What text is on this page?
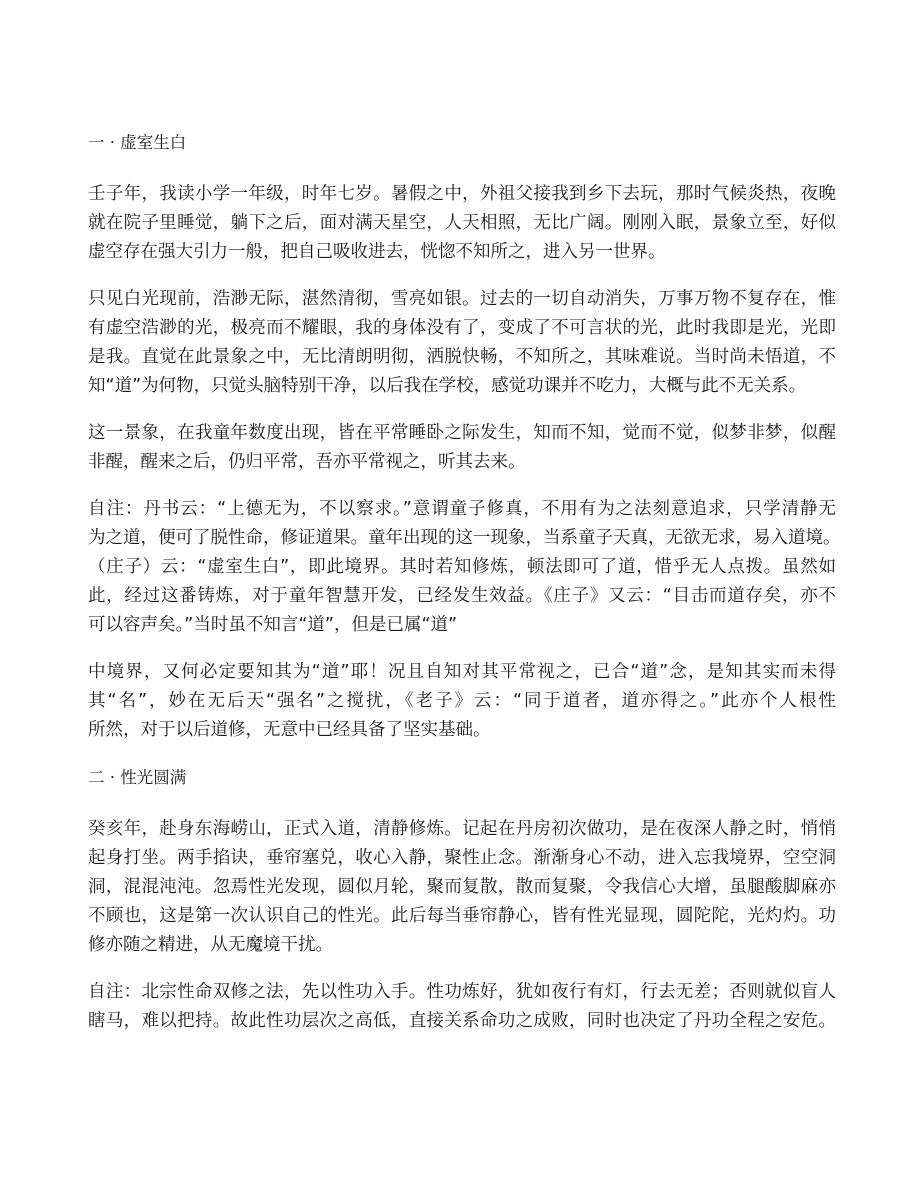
一 · 虚室生白
壬子年，我读小学一年级，时年七岁。暑假之中，外祖父接我到乡下去玩，那时气候炎热，夜晚
就在院子里睡觉，躺下之后，面对满天星空，人天相照，无比广阔。刚刚入眠，景象立至，好似
虚空存在强大引力一般，把自己吸收进去，恍惚不知所之，进入另一世界。
只见白光现前，浩渺无际，湛然清彻，雪亮如银。过去的一切自动消失，万事万物不复存在，惟
有虚空浩渺的光，极亮而不耀眼，我的身体没有了，变成了不可言状的光，此时我即是光，光即
是我。直觉在此景象之中，无比清朗明彻，洒脱快畅，不知所之，其味难说。当时尚未悟道，不
知“道”为何物，只觉头脑特别干净，以后我在学校，感觉功课并不吃力，大概与此不无关系。
这一景象，在我童年数度出现，皆在平常睡卧之际发生，知而不知，觉而不觉，似梦非梦，似醒
非醒，醒来之后，仍归平常，吾亦平常视之，听其去来。
自注：丹书云：“上德无为，不以察求。”意谓童子修真，不用有为之法刻意追求，只学清静无
为之道，便可了脱性命，修证道果。童年出现的这一现象，当系童子天真，无欲无求，易入道境。
（庄子）云：“虚室生白”，即此境界。其时若知修炼，顿法即可了道，惜乎无人点拨。虽然如
此，经过这番铸炼，对于童年智慧开发，已经发生效益。《庄子》又云：“目击而道存矣，亦不
可以容声矣。”当时虽不知言“道”，但是已属“道”
中境界，又何必定要知其为“道”耶！况且自知对其平常视之，已合“道”念，是知其实而未得
其“名”，妙在无后天“强名”之搅扰，《老子》云：“同于道者，道亦得之。”此亦个人根性
所然，对于以后道修，无意中已经具备了坚实基础。
二 · 性光圆满
癸亥年，赴身东海崂山，正式入道，清静修炼。记起在丹房初次做功，是在夜深人静之时，悄悄
起身打坐。两手掐诀，垂帘塞兑，收心入静，聚性止念。渐渐身心不动，进入忘我境界，空空洞
洞，混混沌沌。忽焉性光发现，圆似月轮，聚而复散，散而复聚，令我信心大增，虽腿酸脚麻亦
不顾也，这是第一次认识自己的性光。此后每当垂帘静心，皆有性光显现，圆陀陀，光灼灼。功
修亦随之精进，从无魔境干扰。
自注：北宗性命双修之法，先以性功入手。性功炼好，犹如夜行有灯，行去无差；否则就似盲人
瞎马，难以把持。故此性功层次之高低，直接关系命功之成败，同时也决定了丹功全程之安危。
